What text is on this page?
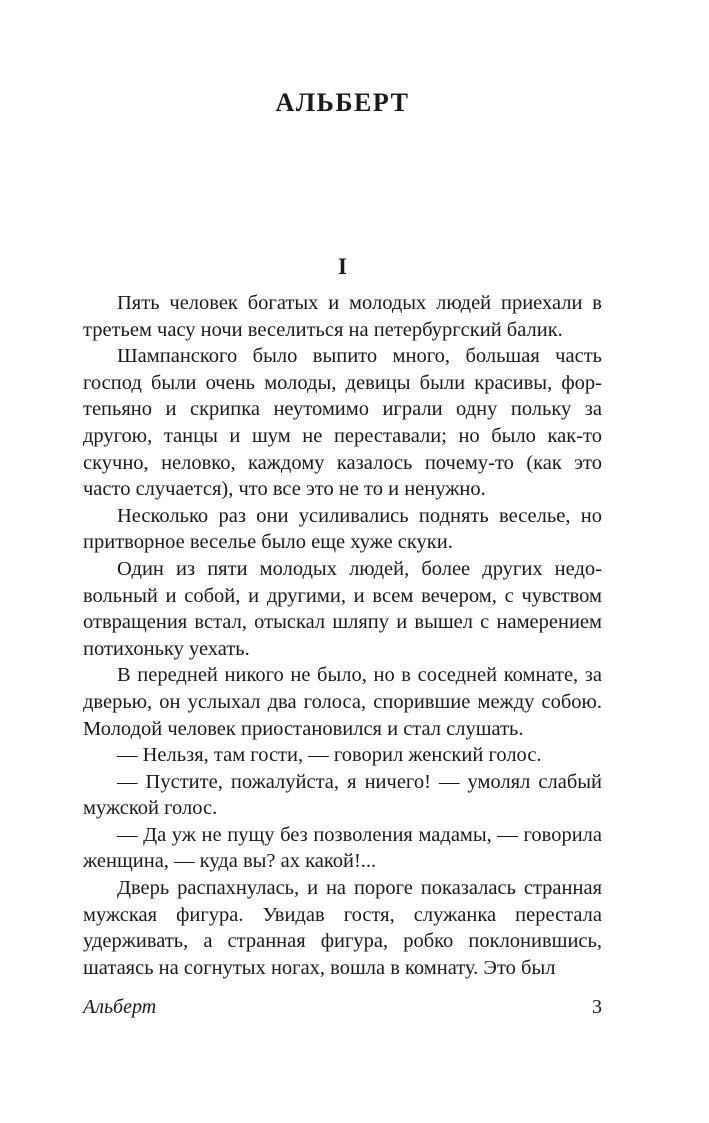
АЛЬБЕРТ
I

Пять человек богатых и молодых людей приехали в третьем часу ночи веселиться на петербургский балик.

Шампанского было выпито много, большая часть господ были очень молоды, девицы были красивы, фортепьяно и скрипка неутомимо играли одну польку за другою, танцы и шум не переставали; но было как-то скучно, неловко, каждому казалось почему-то (как это часто случается), что все это не то и ненужно.

Несколько раз они усиливались поднять веселье, но притворное веселье было еще хуже скуки.

Один из пяти молодых людей, более других недовольный и собой, и другими, и всем вечером, с чувством отвращения встал, отыскал шляпу и вышел с намерением потихоньку уехать.

В передней никого не было, но в соседней комнате, за дверью, он услыхал два голоса, спорившие между собою. Молодой человек приостановился и стал слушать.

— Нельзя, там гости, — говорил женский голос.

— Пустите, пожалуйста, я ничего! — умолял слабый мужской голос.

— Да уж не пущу без позволения мадамы, — говорила женщина, — куда вы? ах какой!...

Дверь распахнулась, и на пороге показалась странная мужская фигура. Увидав гостя, служанка перестала удерживать, а странная фигура, робко поклонившись, шатаясь на согнутых ногах, вошла в комнату. Это был

Альберт	3
